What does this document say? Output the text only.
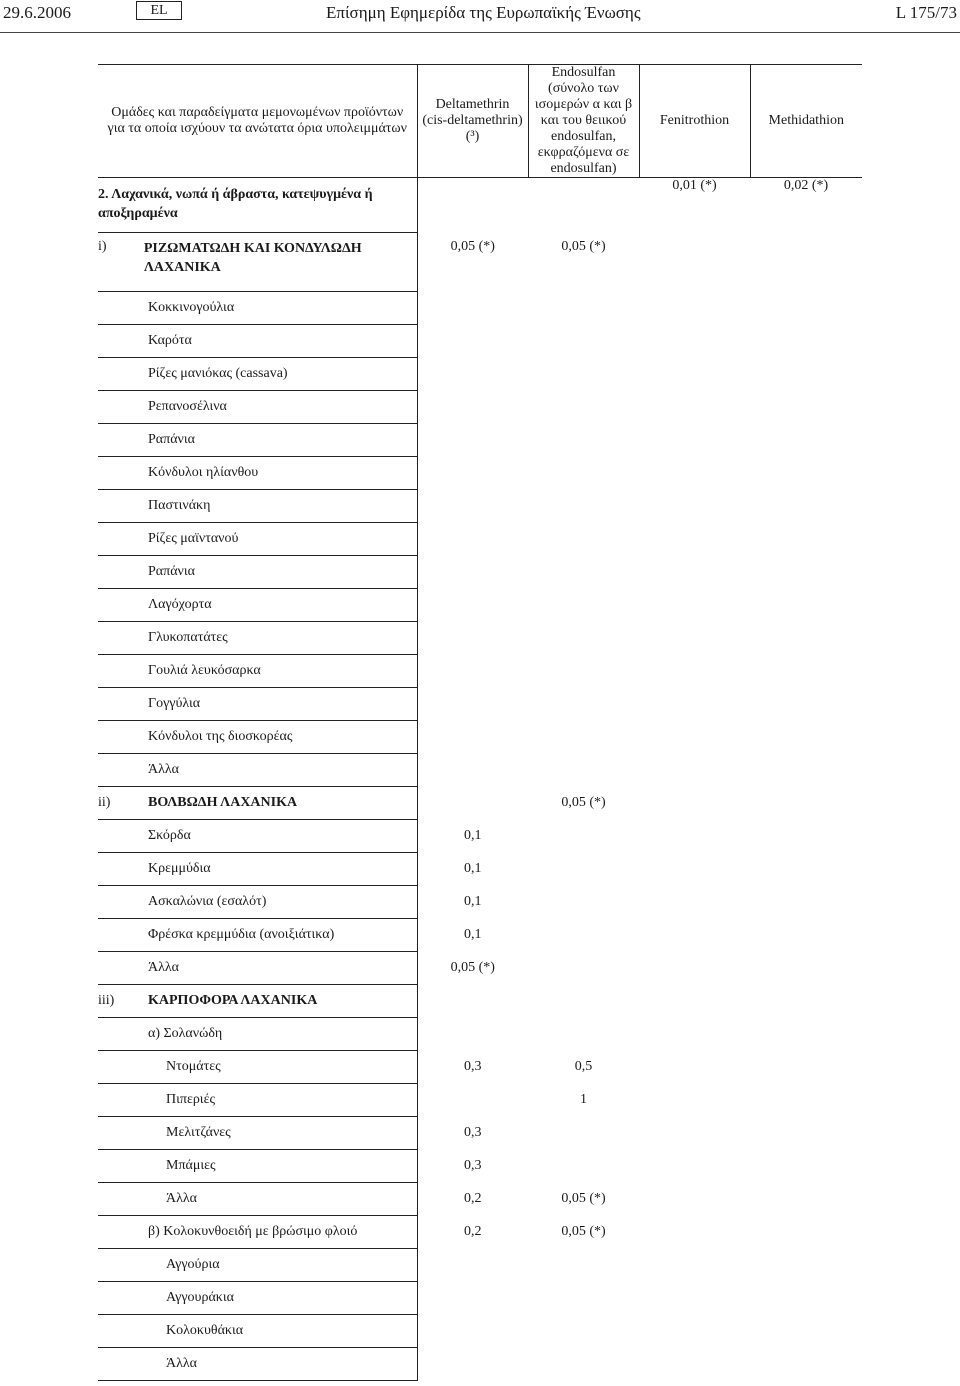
29.6.2006	EL	Επίσημη Εφημερίδα της Ευρωπαϊκής Ένωσης	L 175/73
Ομάδες και παραδείγματα μεμονωμένων προϊόντων για τα οποία ισχύουν τα ανώτατα όρια υπολειμμάτων	Deltamethrin (cis-deltamethrin) (³)	Endosulfan (σύνολο των ισομερών α και β και του θειικού endosulfan, εκφραζόμενα σε endosulfan)	Fenitrothion	Methidathion

2. Λαχανικά, νωπά ή άβραστα, κατεψυγμένα ή αποξηραμένα			0,01 (*)	0,02 (*)

i) ΡΙΖΩΜΑΤΩΔΗ ΚΑΙ ΚΟΝΔΥΛΩΔΗ ΛΑΧΑΝΙΚΑ	0,05 (*)	0,05 (*)		
Κοκκινογούλια				
Καρότα				
Ρίζες μανιόκας (cassava)				
Ρεπανοσέλινα				
Ραπάνια				
Κόνδυλοι ηλίανθου				
Παστινάκη				
Ρίζες μαϊντανού				
Ραπάνια				
Λαγόχορτα				
Γλυκοπατάτες				
Γουλιά λευκόσαρκα				
Γογγύλια				
Κόνδυλοι της διοσκορέας				
Άλλα				
ii) ΒΟΛΒΩΔΗ ΛΑΧΑΝΙΚΑ		0,05 (*)		
Σκόρδα	0,1			
Κρεμμύδια	0,1			
Ασκαλώνια (εσαλότ)	0,1			
Φρέσκα κρεμμύδια (ανοιξιάτικα)	0,1			
Άλλα	0,05 (*)			
iii) ΚΑΡΠΟΦΟΡΑ ΛΑΧΑΝΙΚΑ				
α) Σολανώδη				
Ντομάτες	0,3	0,5		
Πιπεριές		1		
Μελιτζάνες	0,3			
Μπάμιες	0,3			
Άλλα	0,2	0,05 (*)		
β) Κολοκυνθοειδή με βρώσιμο φλοιό	0,2	0,05 (*)		
Αγγούρια				
Αγγουράκια				
Κολοκυθάκια				
Άλλα				
